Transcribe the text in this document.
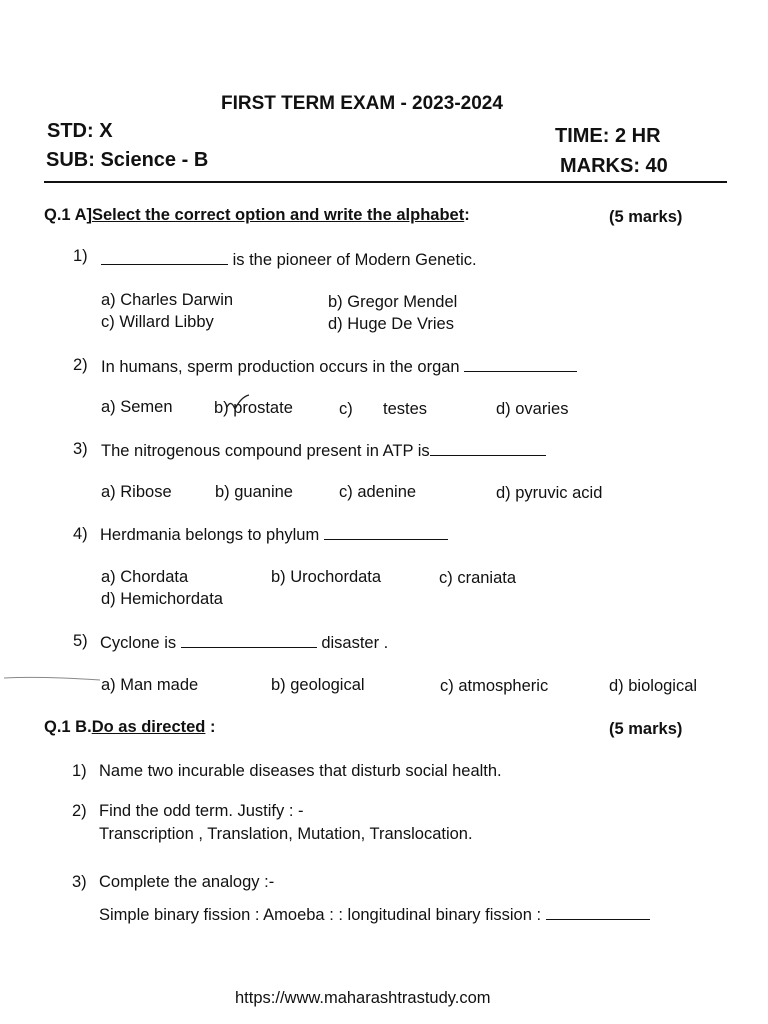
FIRST TERM EXAM - 2023-2024
STD: X	TIME: 2 HR
SUB: Science - B	MARKS: 40
Q.1 A]Select the correct option and write the alphabet:	(5 marks)
1)	is the pioneer of Modern Genetic.
a) Charles Darwin	b) Gregor Mendel
c) Willard Libby	d) Huge De Vries
2) In humans, sperm production occurs in the organ
a) Semen	b) prostate	c) testes	d) ovaries
3) The nitrogenous compound present in ATP is
a) Ribose	b) guanine	c) adenine	d) pyruvic acid
4) Herdmania belongs to phylum
a) Chordata	b) Urochordata	c) craniata
d) Hemichordata
5) Cyclone is	disaster .
a) Man made	b) geological	c) atmospheric	d) biological
Q.1 B.Do as directed :	(5 marks)
1) Name two incurable diseases that disturb social health.
2) Find the odd term. Justify : -
Transcription , Translation, Mutation, Translocation.
3) Complete the analogy :-
Simple binary fission : Amoeba : : longitudinal binary fission :
https://www.maharashtrastudy.com
